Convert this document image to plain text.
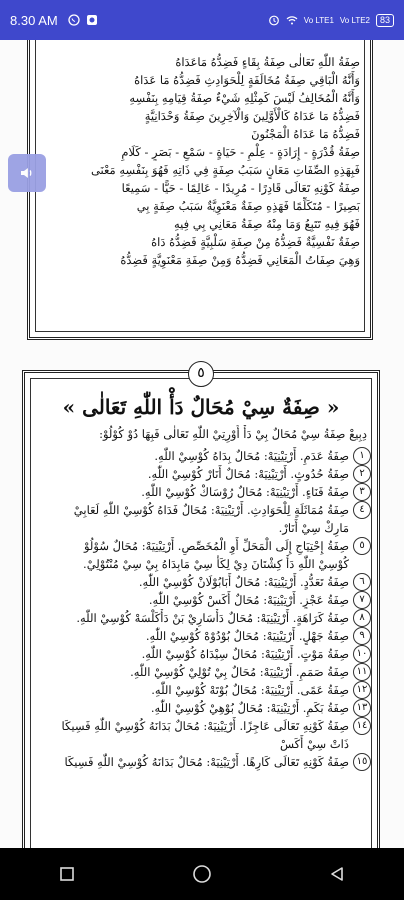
8.30 AM	Vo LTE1 Vo LTE2	83
صِفَةُ اللّٰهِ تَعَالٰى صِفَةُ بِقَاءٍ فَضِدُّهُ مَاعَدَاهُ
وَأَنَّهُ الْبَاقِي صِفَةُ مُخَالَفَةٍ لِلْحَوَادِثِ فَضِدُّهُ مَا عَدَاهُ
وَأَنَّهُ الْمُخَالِفُ لَيْسَ كَمِثْلِهِ شَيْءٌ صِفَةُ قِيَامِهِ بِنَفْسِهِ
فَضِدُّهُ مَا عَدَاهُ كَالْأَوَّلِينَ وَالْآخِرِينَ صِفَةُ وَحْدَانِيَّةٍ
فَضِدُّهُ مَا عَدَاهُ الْمَجْنُونَ
صِفَةُ قُدْرَةٍ - إِرَادَةٍ - عِلْمٍ - حَيَاةٍ - سَمْعٍ - بَصَرٍ - كَلَامٍ
فَبِهَذِهِ الصِّفَاتِ مَعَانٍ سَبَبُ صِفَةٍ فِي ذَاتِهِ فَهُوَ بِنَفْسِهِ مَعْنَى
صِفَةُ كَوْنِهِ تَعَالَى قَادِرًا - مُرِيدًا - عَالِمًا - حَيًّا - سَمِيعًا
بَصِيرًا - مُتَكَلِّمًا فَهَذِهِ صِفَةٌ مَعْنَوِيَّةٌ سَبَبُ صِفَةٍ بِي
فَهُوَ فِيهِ تَتَبِعُ وَمَا مِنْهُ صِفَةُ مَعَانِي بِي فِيهِ
صِفَةٌ نَفْسِيَّةٌ فَضِدُّهُ مِنْ صِفَةِ سَلْبِيَّةٍ فَضِدُّهُ دَاهُ
وَهِيَ صِفَاتُ الْمَعَانِي فَضِدُّهُ وَمِنْ صِفَةِ مَعْنَوِيَّةٍ فَضِدُّهُ
٥
« صِفَةٌ سِيْ مُحَالٌ دَأْ اللّٰهِ تَعَالٰى »
دِبِيعْ صِفَةُ سِيْ مُحَالٌ بِيْ دَأْ أُوْرِتِيْ اللّٰهِ تَعَالٰى فَبِهَا دُوْ كُوْلُوْ:
١
صِفَةُ عَدَمٍ. أَرْتِيْنِيَهْ: مُحَالٌ بِدَاهُ كُوْسِيْ اللّٰهِ.
٢
صِفَةُ حُدُوثٍ. أَرْتِيْنِيَهْ: مُحَالٌ أَنَارْ كُوْسِيْ اللّٰهِ.
٣
صِفَةُ فَنَاءٍ. أَرْتِيْنِيَهْ: مُحَالٌ رُوْسَاكْ كُوْسِيْ اللّٰهِ.
٤
صِفَةُ مُمَاثَلَةٍ لِلْحَوَادِثِ. أَرْتِيْنِيَهْ: مُحَالٌ فَدَاهُ كُوْسِيْ اللّٰهِ لَعَابِيْ
مَارِكْ سِيْ أَنَارْ.
٥
صِفَةُ إِحْتِيَاجٍ إِلَى الْمَحَلِّ أَوِ الْمُخَصِّصِ. أَرْتِيْنِيَهْ: مُحَالٌ سُوْلُوْ
كُوْسِيْ اللّٰهِ دَأْ كِشْتَانَ دِيْ لِكَأْ سِيْ مَابِدَاهُ بِيْ سِيْ مُنْتُوْلِيْ.
٦
صِفَةُ تَعَدُّدٍ. أَرْتِيْنِيَهْ: مُحَالٌ أَبَابُوْلَانْ كُوْسِيْ اللّٰهِ.
٧
صِفَةُ عَجْزٍ. أَرْتِيْنِيَهْ: مُحَالٌ أَكَسْ كُوْسِيْ اللّٰهِ.
٨
صِفَةُ كَرَاهَةٍ. أَرْتِيْنِيَهْ: مُحَالٌ دَأْسَارِيْ بَنْ دَأْكَلْسَهْ كُوْسِيْ اللّٰهِ.
٩
صِفَةُ جَهْلٍ. أَرْتِيْنِيَهْ: مُحَالٌ بُوْدُوْهْ كُوْسِيْ اللّٰهِ.
١٠
صِفَةُ مَوْتٍ. أَرْتِيْنِيَهْ: مُحَالٌ سِيْدَاهُ كُوْسِيْ اللّٰهِ.
١١
صِفَةُ صَمَمٍ. أَرْتِيْنِيَهْ: مُحَالٌ بِيْ تُوْلِيْ كُوْسِيْ اللّٰهِ.
١٢
صِفَةُ عَمًى. أَرْتِيْنِيَهْ: مُحَالٌ بُوْتَهْ كُوْسِيْ اللّٰهِ.
١٣
صِفَةُ بَكَمٍ. أَرْتِيْنِيَهْ: مُحَالٌ بُوْهِيْ كُوْسِيْ اللّٰهِ.
١٤
صِفَةُ كَوْنِهِ تَعَالَى عَاجِزًا. أَرْتِيْنِيَهْ: مُحَالٌ بَدَانَهُ كُوْسِيْ اللّٰهِ فَسِيكَا
ذَاتْ سِيْ أَكَسْ
١٥
صِفَةُ كَوْنِهِ تَعَالَى كَارِهًا. أَرْتِيْنِيَهْ: مُحَالٌ بَدَانَهُ كُوْسِيْ اللّٰهِ فَسِيكَا
